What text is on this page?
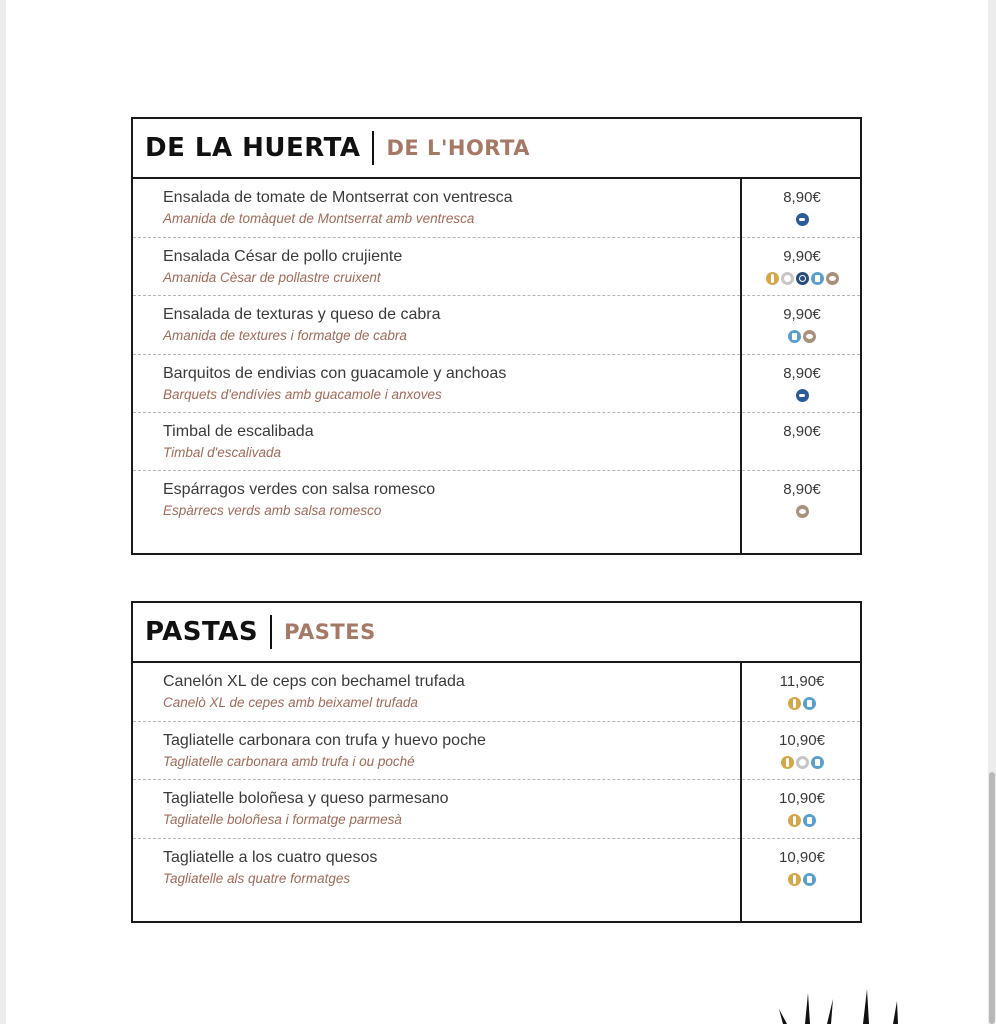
DE LA HUERTA DE L'HORTA
Ensalada de tomate de Montserrat con ventresca
Amanida de tomàquet de Montserrat amb ventresca
8,90€
Ensalada César de pollo crujiente
Amanida Cèsar de pollastre cruixent
9,90€
Ensalada de texturas y queso de cabra
Amanida de textures i formatge de cabra
9,90€
Barquitos de endivias con guacamole y anchoas
Barquets d'endívies amb guacamole i anxoves
8,90€
Timbal de escalibada
Timbal d'escalivada
8,90€
Espárragos verdes con salsa romesco
Espàrrecs verds amb salsa romesco
8,90€
PASTAS PASTES
Canelón XL de ceps con bechamel trufada
Canelò XL de cepes amb beixamel trufada
11,90€
Tagliatelle carbonara con trufa y huevo poche
Tagliatelle carbonara amb trufa i ou poché
10,90€
Tagliatelle boloñesa y queso parmesano
Tagliatelle boloñesa i formatge parmesà
10,90€
Tagliatelle a los cuatro quesos
Tagliatelle als quatre formatges
10,90€
